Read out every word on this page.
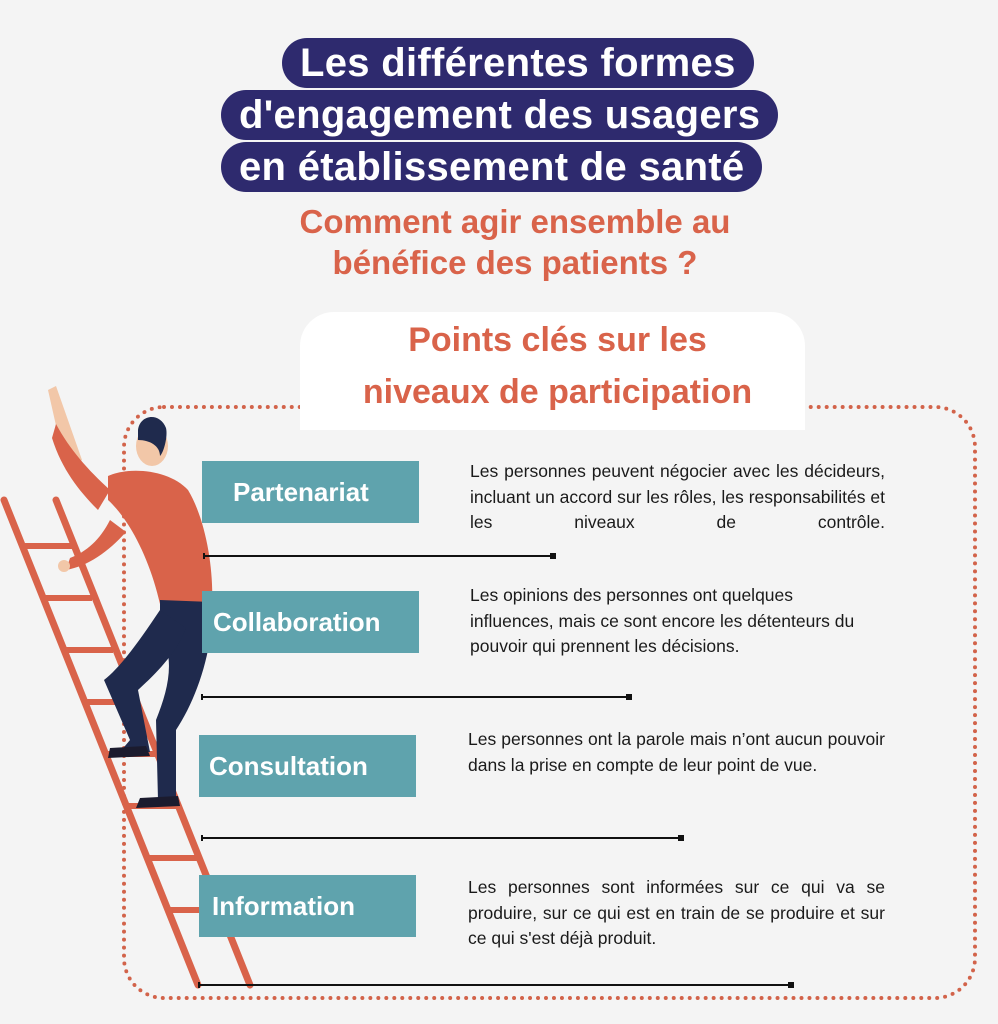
Les différentes formes
d'engagement des usagers
en établissement de santé
Comment agir ensemble au
bénéfice des patients ?
Points clés sur les
niveaux de participation
Partenariat
Les personnes peuvent négocier avec les décideurs, incluant un accord sur les rôles, les responsabilités et les niveaux de contrôle.
Collaboration
Les opinions des personnes ont quelques influences, mais ce sont encore les détenteurs du pouvoir qui prennent les décisions.
Consultation
Les personnes ont la parole mais n’ont aucun pouvoir dans la prise en compte de leur point de vue.
Information
Les personnes sont informées sur ce qui va se produire, sur ce qui est en train de se produire et sur ce qui s'est déjà produit.
